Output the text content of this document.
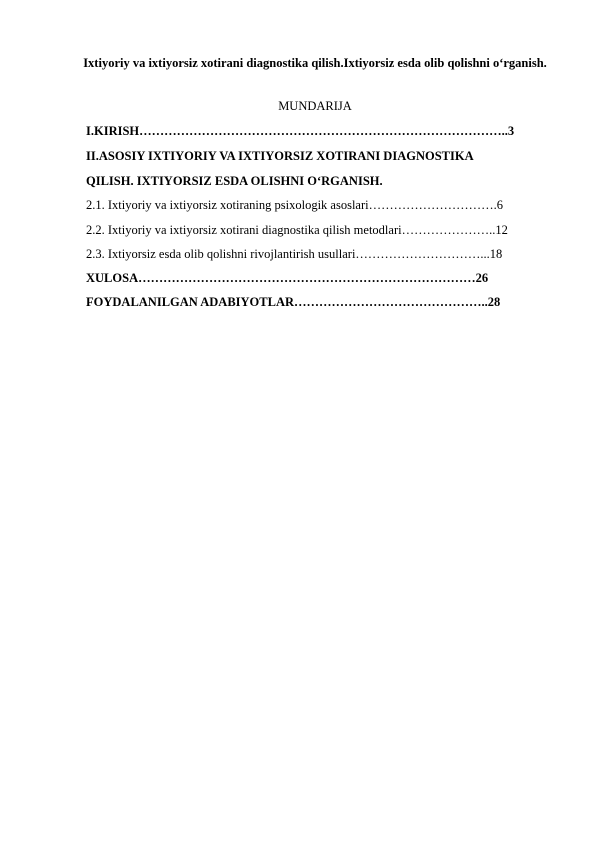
Ixtiyoriy va ixtiyorsiz xotirani diagnostika qilish.Ixtiyorsiz esda olib qolishni o‘rganish.
MUNDARIJA
I.KIRISH……………………………………………………………………………..3
II.ASOSIY IXTIYORIY VA IXTIYORSIZ XOTIRANI DIAGNOSTIKA
QILISH. IXTIYORSIZ ESDA OLISHNI O‘RGANISH.
2.1. Ixtiyoriy va ixtiyorsiz xotiraning psixologik asoslari………………………….6
2.2. Ixtiyoriy va ixtiyorsiz xotirani diagnostika qilish metodlari…………………..12
2.3. Ixtiyorsiz esda olib qolishni rivojlantirish usullari…………………………...18
XULOSA………………………………………………………………………26
FOYDALANILGAN ADABIYOTLAR………………………………………..28
